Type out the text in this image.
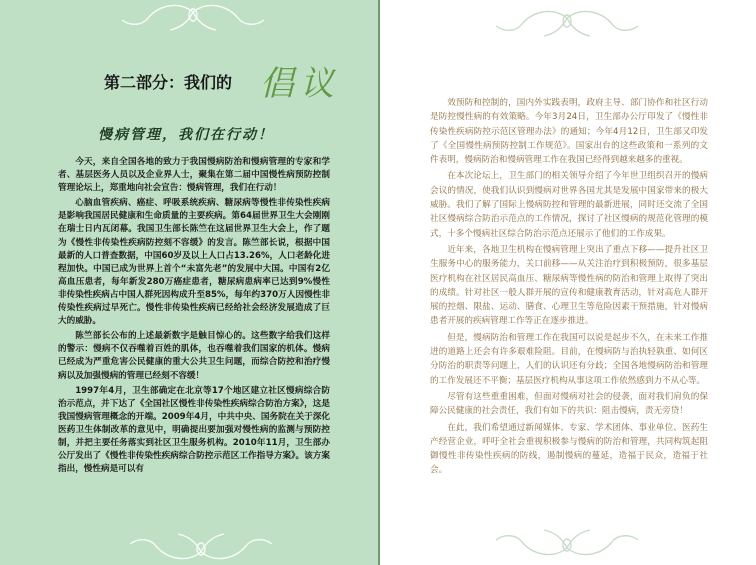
第二部分：我们的 倡议
慢病管理，我们在行动！

今天，来自全国各地的致力于我国慢病防治和慢病管理的专家和学者、基层医务人员以及企业界人士，聚集在第二届中国慢性病预防控制管理论坛上，郑重地向社会宣告：慢病管理，我们在行动！

心脑血管疾病、癌症、呼吸系统疾病、糖尿病等慢性非传染性疾病是影响我国居民健康和生命质量的主要疾病。第64届世界卫生大会刚刚在瑞士日内瓦闭幕。我国卫生部长陈竺在这届世界卫生大会上，作了题为《慢性非传染性疾病防控刻不容缓》的发言。陈竺部长说，根据中国最新的人口普查数据，中国60岁及以上人口占13.26%，人口老龄化进程加快。中国已成为世界上首个“未富先老”的发展中大国。中国有2亿高血压患者，每年新发280万癌症患者，糖尿病患病率已达到9%慢性非传染性疾病占中国人群死因构成升至85%，每年约370万人因慢性非传染性疾病过早死亡。慢性非传染性疾病已经给社会经济发展造成了巨大的威胁。

陈竺部长公布的上述最新数字是触目惊心的。这些数字给我们这样的警示：慢病不仅吞噬着百姓的肌体，也吞噬着我们国家的机体。慢病已经成为严重危害公民健康的重大公共卫生问题，而综合防控和治疗慢病以及加强慢病的管理已经刻不容缓！

1997年4月，卫生部确定在北京等17个地区建立社区慢病综合防治示范点，并下达了《全国社区慢性非传染性疾病综合防治方案》，这是我国慢病管理概念的开端。2009年4月，中共中央、国务院在关于深化医药卫生体制改革的意见中，明确提出要加强对慢性病的监测与预防控制，并把主要任务落实到社区卫生服务机构。2010年11月，卫生部办公厅发出了《慢性非传染性疾病综合防控示范区工作指导方案》。该方案指出，慢性病是可以有

效预防和控制的，国内外实践表明，政府主导、部门协作和社区行动是防控慢性病的有效策略。今年3月24日，卫生部办公厅印发了《慢性非传染性疾病防控示范区管理办法》的通知；今年4月12日，卫生部又印发了《全国慢性病预防控制工作规范》。国家出台的这些政策和一系列的文件表明，慢病防治和慢病管理工作在我国已经得到越来越多的重视。

在本次论坛上，卫生部门的相关领导介绍了今年世卫组织召开的慢病会议的情况，使我们认识到慢病对世界各国尤其是发展中国家带来的极大威胁。我们了解了国际上慢病防控和管理的最新进展，同时还交流了全国社区慢病综合防治示范点的工作情况，探讨了社区慢病的规范化管理的模式，十多个慢病社区综合防治示范点还展示了他们的工作成果。

近年来，各地卫生机构在慢病管理上突出了重点下移——提升社区卫生服务中心的服务能力，关口前移——从关注治疗到积极预防，很多基层医疗机构在社区居民高血压、糖尿病等慢性病的防治和管理上取得了突出的成绩。针对社区一般人群开展的宣传和健康教育活动，针对高危人群开展的控烟、限盐、运动、膳食、心理卫生等危险因素干预措施，针对慢病患者开展的疾病管理工作等正在逐步推进。

但是，慢病防治和管理工作在我国可以说是起步不久，在未来工作推进的道路上还会有许多艰难险阻。目前，在慢病防与治执轻孰重、如何区分防治的职责等问题上，人们的认识还有分歧；全国各地慢病防治和管理的工作发展还不平衡；基层医疗机构从事这项工作依然感到力不从心等。

尽管有这些重重困难，但面对慢病对社会的侵袭，面对我们肩负的保障公民健康的社会责任，我们有如下的共识：阻击慢病，责无旁贷！

在此，我们希望通过新闻媒体、专家、学术团体、事业单位、医药生产经营企业，呼吁全社会重视积极参与慢病的防治和管理，共同构筑起阻御慢性非传染性疾病的防线，遏制慢病的蔓延，造福于民众，造福于社会。
